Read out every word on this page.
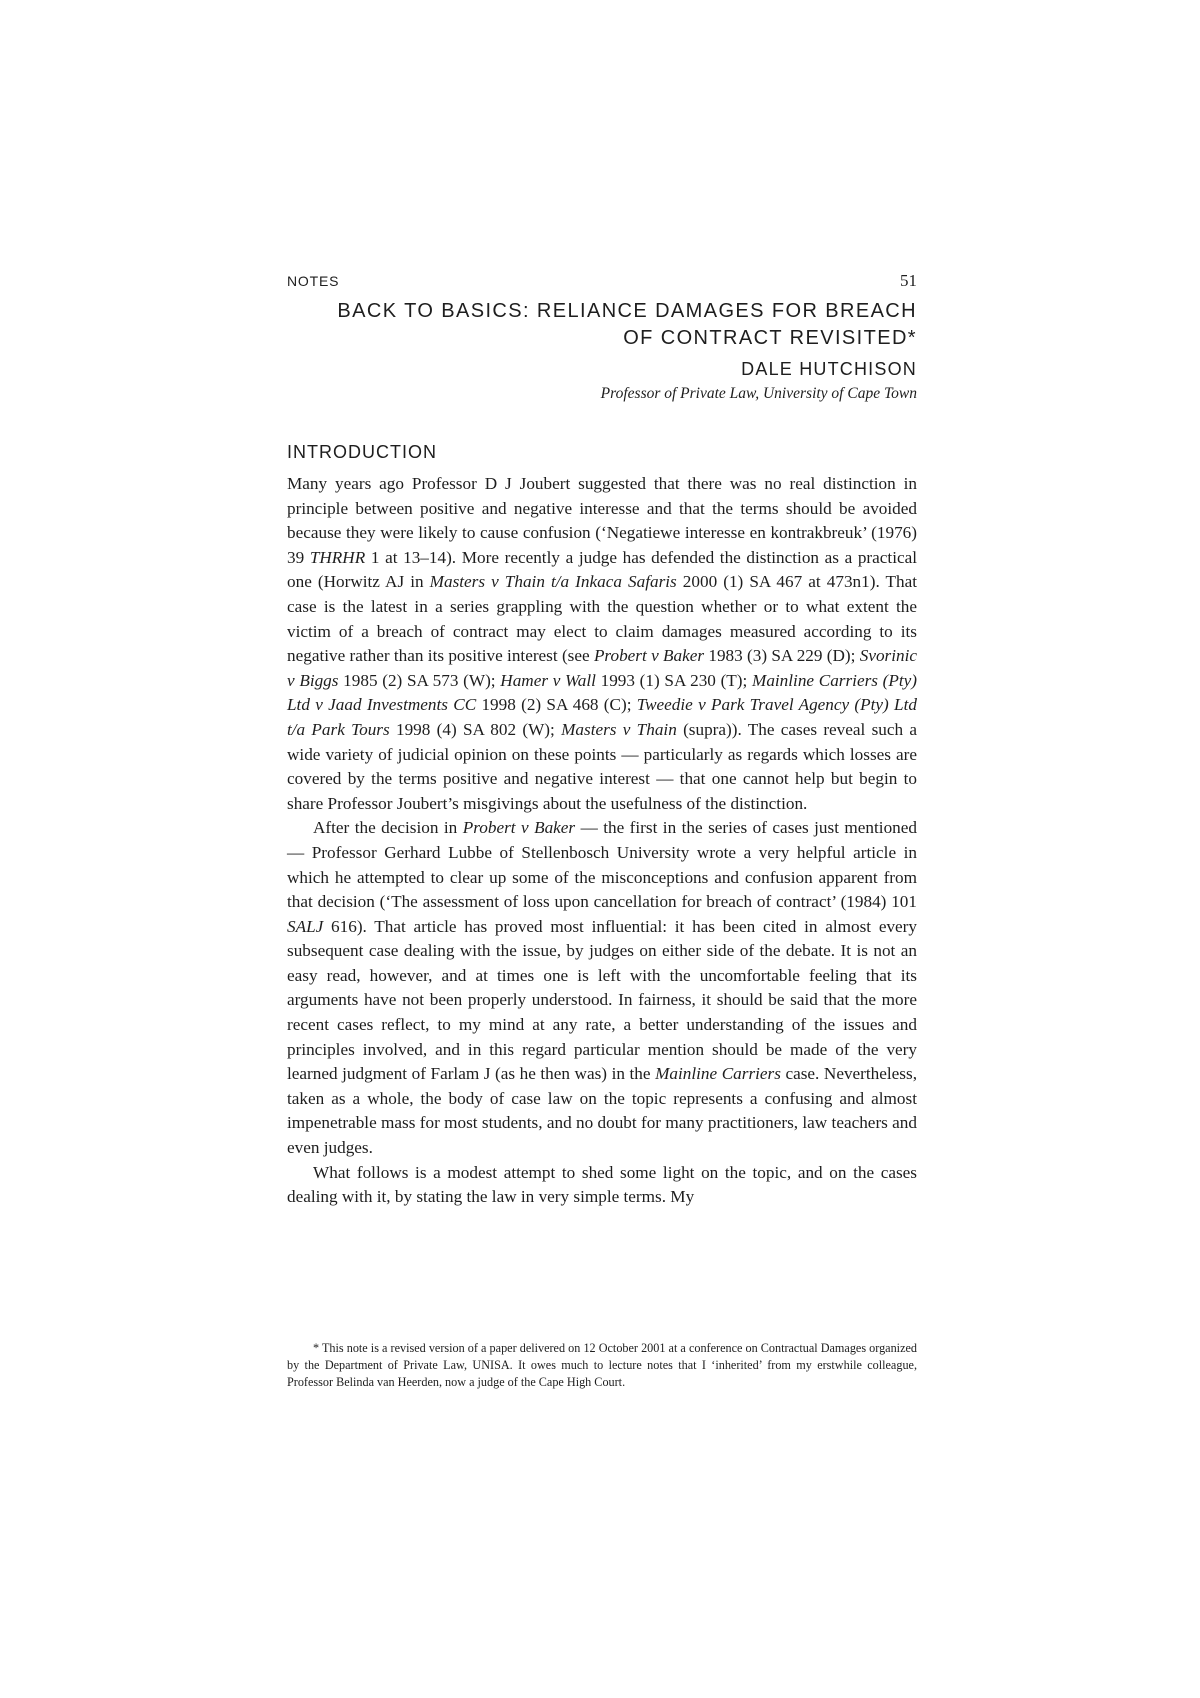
NOTES	51
BACK TO BASICS: RELIANCE DAMAGES FOR BREACH
OF CONTRACT REVISITED*
DALE HUTCHISON
Professor of Private Law, University of Cape Town
INTRODUCTION

Many years ago Professor D J Joubert suggested that there was no real distinction in principle between positive and negative interesse and that the terms should be avoided because they were likely to cause confusion (‘Negatiewe interesse en kontrakbreuk’ (1976) 39 THRHR 1 at 13–14). More recently a judge has defended the distinction as a practical one (Horwitz AJ in Masters v Thain t/a Inkaca Safaris 2000 (1) SA 467 at 473n1). That case is the latest in a series grappling with the question whether or to what extent the victim of a breach of contract may elect to claim damages measured according to its negative rather than its positive interest (see Probert v Baker 1983 (3) SA 229 (D); Svorinic v Biggs 1985 (2) SA 573 (W); Hamer v Wall 1993 (1) SA 230 (T); Mainline Carriers (Pty) Ltd v Jaad Investments CC 1998 (2) SA 468 (C); Tweedie v Park Travel Agency (Pty) Ltd t/a Park Tours 1998 (4) SA 802 (W); Masters v Thain (supra)). The cases reveal such a wide variety of judicial opinion on these points — particularly as regards which losses are covered by the terms positive and negative interest — that one cannot help but begin to share Professor Joubert’s misgivings about the usefulness of the distinction.

After the decision in Probert v Baker — the first in the series of cases just mentioned — Professor Gerhard Lubbe of Stellenbosch University wrote a very helpful article in which he attempted to clear up some of the misconceptions and confusion apparent from that decision (‘The assessment of loss upon cancellation for breach of contract’ (1984) 101 SALJ 616). That article has proved most influential: it has been cited in almost every subsequent case dealing with the issue, by judges on either side of the debate. It is not an easy read, however, and at times one is left with the uncomfortable feeling that its arguments have not been properly understood. In fairness, it should be said that the more recent cases reflect, to my mind at any rate, a better understanding of the issues and principles involved, and in this regard particular mention should be made of the very learned judgment of Farlam J (as he then was) in the Mainline Carriers case. Nevertheless, taken as a whole, the body of case law on the topic represents a confusing and almost impenetrable mass for most students, and no doubt for many practitioners, law teachers and even judges.

What follows is a modest attempt to shed some light on the topic, and on the cases dealing with it, by stating the law in very simple terms. My

* This note is a revised version of a paper delivered on 12 October 2001 at a conference on Contractual Damages organized by the Department of Private Law, UNISA. It owes much to lecture notes that I ‘inherited’ from my erstwhile colleague, Professor Belinda van Heerden, now a judge of the Cape High Court.
